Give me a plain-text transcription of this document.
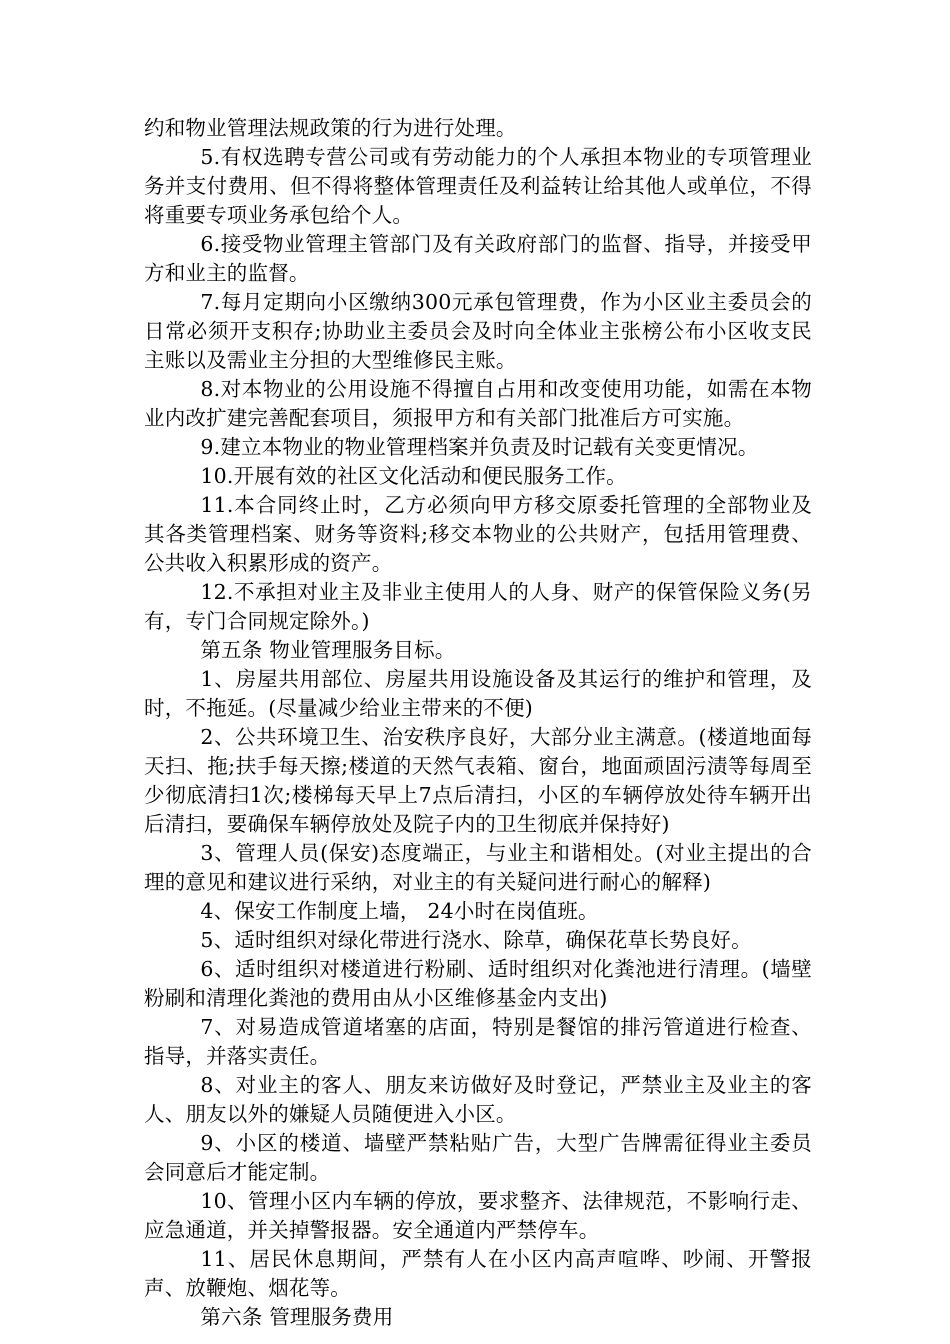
约和物业管理法规政策的行为进行处理。

5.有权选聘专营公司或有劳动能力的个人承担本物业的专项管理业务并支付费用、但不得将整体管理责任及利益转让给其他人或单位，不得将重要专项业务承包给个人。

6.接受物业管理主管部门及有关政府部门的监督、指导，并接受甲方和业主的监督。

7.每月定期向小区缴纳300元承包管理费，作为小区业主委员会的日常必须开支积存;协助业主委员会及时向全体业主张榜公布小区收支民主账以及需业主分担的大型维修民主账。

8.对本物业的公用设施不得擅自占用和改变使用功能，如需在本物业内改扩建完善配套项目，须报甲方和有关部门批准后方可实施。

9.建立本物业的物业管理档案并负责及时记载有关变更情况。

10.开展有效的社区文化活动和便民服务工作。

11.本合同终止时，乙方必须向甲方移交原委托管理的全部物业及其各类管理档案、财务等资料;移交本物业的公共财产，包括用管理费、公共收入积累形成的资产。

12.不承担对业主及非业主使用人的人身、财产的保管保险义务(另有，专门合同规定除外。)

第五条 物业管理服务目标。

1、房屋共用部位、房屋共用设施设备及其运行的维护和管理，及时，不拖延。(尽量减少给业主带来的不便)

2、公共环境卫生、治安秩序良好，大部分业主满意。(楼道地面每天扫、拖;扶手每天擦;楼道的天然气表箱、窗台，地面顽固污渍等每周至少彻底清扫1次;楼梯每天早上7点后清扫，小区的车辆停放处待车辆开出后清扫，要确保车辆停放处及院子内的卫生彻底并保持好)

3、管理人员(保安)态度端正，与业主和谐相处。(对业主提出的合理的意见和建议进行采纳，对业主的有关疑问进行耐心的解释)

4、保安工作制度上墙， 24小时在岗值班。

5、适时组织对绿化带进行浇水、除草，确保花草长势良好。

6、适时组织对楼道进行粉刷、适时组织对化粪池进行清理。(墙壁粉刷和清理化粪池的费用由从小区维修基金内支出)

7、对易造成管道堵塞的店面，特别是餐馆的排污管道进行检查、指导，并落实责任。

8、对业主的客人、朋友来访做好及时登记，严禁业主及业主的客人、朋友以外的嫌疑人员随便进入小区。

9、小区的楼道、墙壁严禁粘贴广告，大型广告牌需征得业主委员会同意后才能定制。

10、管理小区内车辆的停放，要求整齐、法律规范，不影响行走、应急通道，并关掉警报器。安全通道内严禁停车。

11、居民休息期间，严禁有人在小区内高声喧哗、吵闹、开警报声、放鞭炮、烟花等。

第六条 管理服务费用
